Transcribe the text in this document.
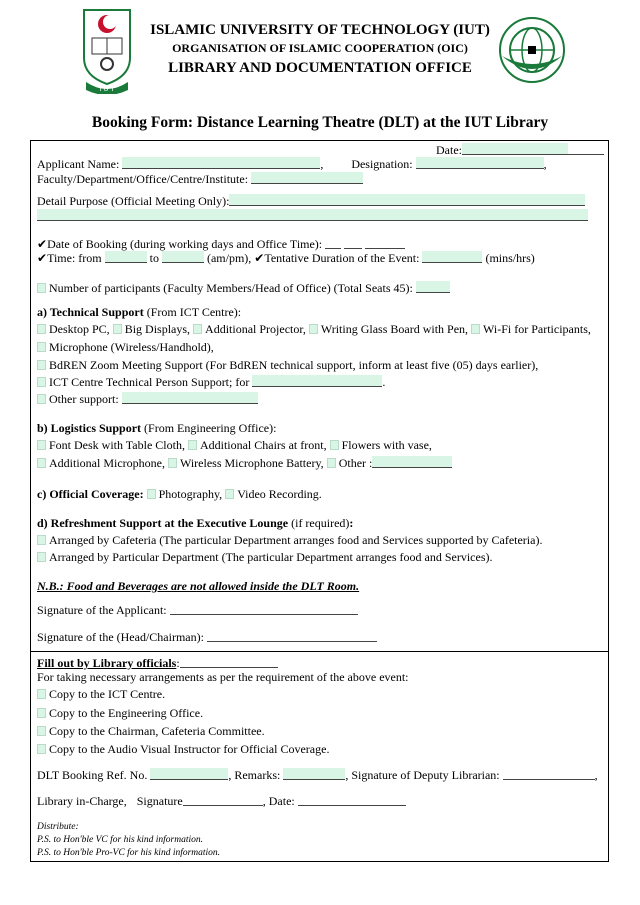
I U T
ISLAMIC UNIVERSITY OF TECHNOLOGY (IUT)
ORGANISATION OF ISLAMIC COOPERATION (OIC)
LIBRARY AND DOCUMENTATION OFFICE
Booking Form: Distance Learning Theatre (DLT) at the IUT Library
Date:
Applicant Name:	,  Designation:	,
Faculty/Department/Office/Centre/Institute:
Detail Purpose (Official Meeting Only):
✔Date of Booking (during working days and Office Time):
✔Time: from	to	(am/pm), ✔Tentative Duration of the Event:	(mins/hrs)
Number of participants (Faculty Members/Head of Office) (Total Seats 45):
a) Technical Support (From ICT Centre):
Desktop PC, Big Displays, Additional Projector, Writing Glass Board with Pen, Wi-Fi for Participants,
Microphone (Wireless/Handhold),
BdREN Zoom Meeting Support (For BdREN technical support, inform at least five (05) days earlier),
ICT Centre Technical Person Support; for	.
Other support:
b) Logistics Support (From Engineering Office):
Font Desk with Table Cloth, Additional Chairs at front, Flowers with vase,
Additional Microphone, Wireless Microphone Battery, Other :
c) Official Coverage: Photography, Video Recording.
d) Refreshment Support at the Executive Lounge (if required):
Arranged by Cafeteria (The particular Department arranges food and Services supported by Cafeteria).
Arranged by Particular Department (The particular Department arranges food and Services).
N.B.: Food and Beverages are not allowed inside the DLT Room.
Signature of the Applicant:
Signature of the (Head/Chairman):
Fill out by Library officials:
For taking necessary arrangements as per the requirement of the above event:
Copy to the ICT Centre.
Copy to the Engineering Office.
Copy to the Chairman, Cafeteria Committee.
Copy to the Audio Visual Instructor for Official Coverage.
DLT Booking Ref. No.	, Remarks:	, Signature of Deputy Librarian:	,
Library in-Charge, Signature	, Date:
Distribute:
P.S. to Hon'ble VC for his kind information.
P.S. to Hon'ble Pro-VC for his kind information.
